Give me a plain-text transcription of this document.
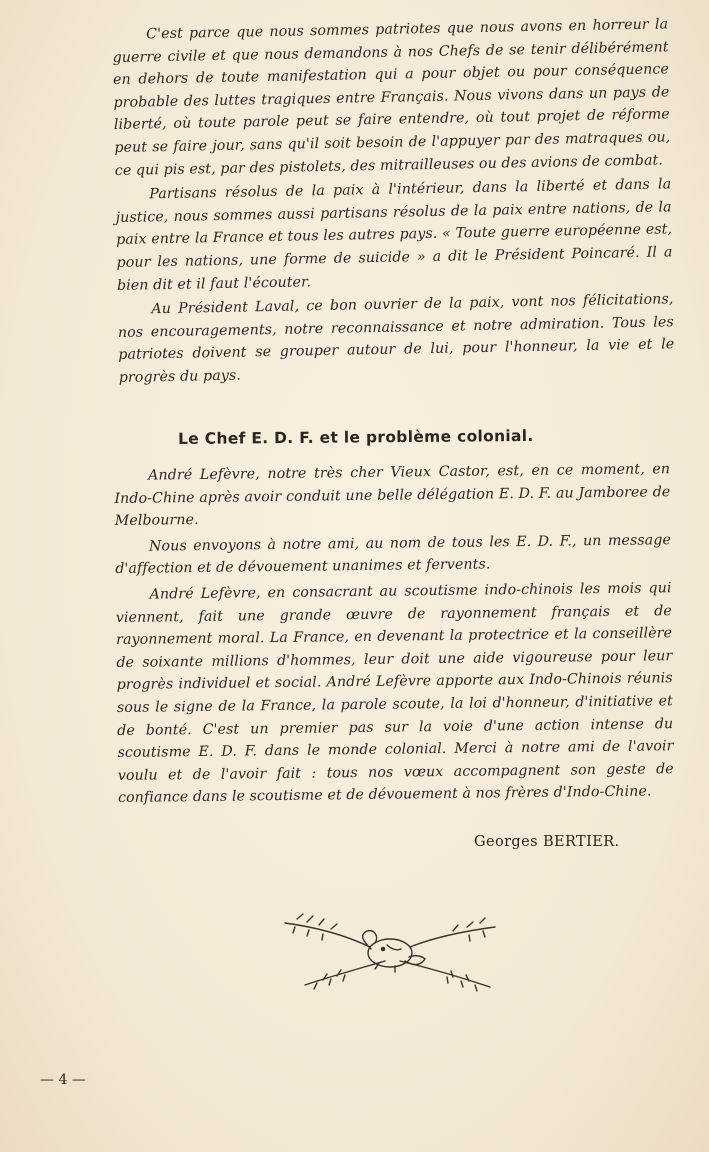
C'est parce que nous sommes patriotes que nous avons en horreur la guerre civile et que nous demandons à nos Chefs de se tenir délibérément en dehors de toute manifestation qui a pour objet ou pour conséquence probable des luttes tragiques entre Français. Nous vivons dans un pays de liberté, où toute parole peut se faire entendre, où tout projet de réforme peut se faire jour, sans qu'il soit besoin de l'appuyer par des matraques ou, ce qui pis est, par des pistolets, des mitrailleuses ou des avions de combat.

Partisans résolus de la paix à l'intérieur, dans la liberté et dans la justice, nous sommes aussi partisans résolus de la paix entre nations, de la paix entre la France et tous les autres pays. « Toute guerre européenne est, pour les nations, une forme de suicide » a dit le Président Poincaré. Il a bien dit et il faut l'écouter.

Au Président Laval, ce bon ouvrier de la paix, vont nos félicitations, nos encouragements, notre reconnaissance et notre admiration. Tous les patriotes doivent se grouper autour de lui, pour l'honneur, la vie et le progrès du pays.

Le Chef E. D. F. et le problème colonial.

André Lefèvre, notre très cher Vieux Castor, est, en ce moment, en Indo-Chine après avoir conduit une belle délégation E. D. F. au Jamboree de Melbourne.

Nous envoyons à notre ami, au nom de tous les E. D. F., un message d'affection et de dévouement unanimes et fervents.

André Lefèvre, en consacrant au scoutisme indo-chinois les mois qui viennent, fait une grande œuvre de rayonnement français et de rayonnement moral. La France, en devenant la protectrice et la conseillère de soixante millions d'hommes, leur doit une aide vigoureuse pour leur progrès individuel et social. André Lefèvre apporte aux Indo-Chinois réunis sous le signe de la France, la parole scoute, la loi d'honneur, d'initiative et de bonté. C'est un premier pas sur la voie d'une action intense du scoutisme E. D. F. dans le monde colonial. Merci à notre ami de l'avoir voulu et de l'avoir fait : tous nos vœux accompagnent son geste de confiance dans le scoutisme et de dévouement à nos frères d'Indo-Chine.

Georges BERTIER.
— 4 —
